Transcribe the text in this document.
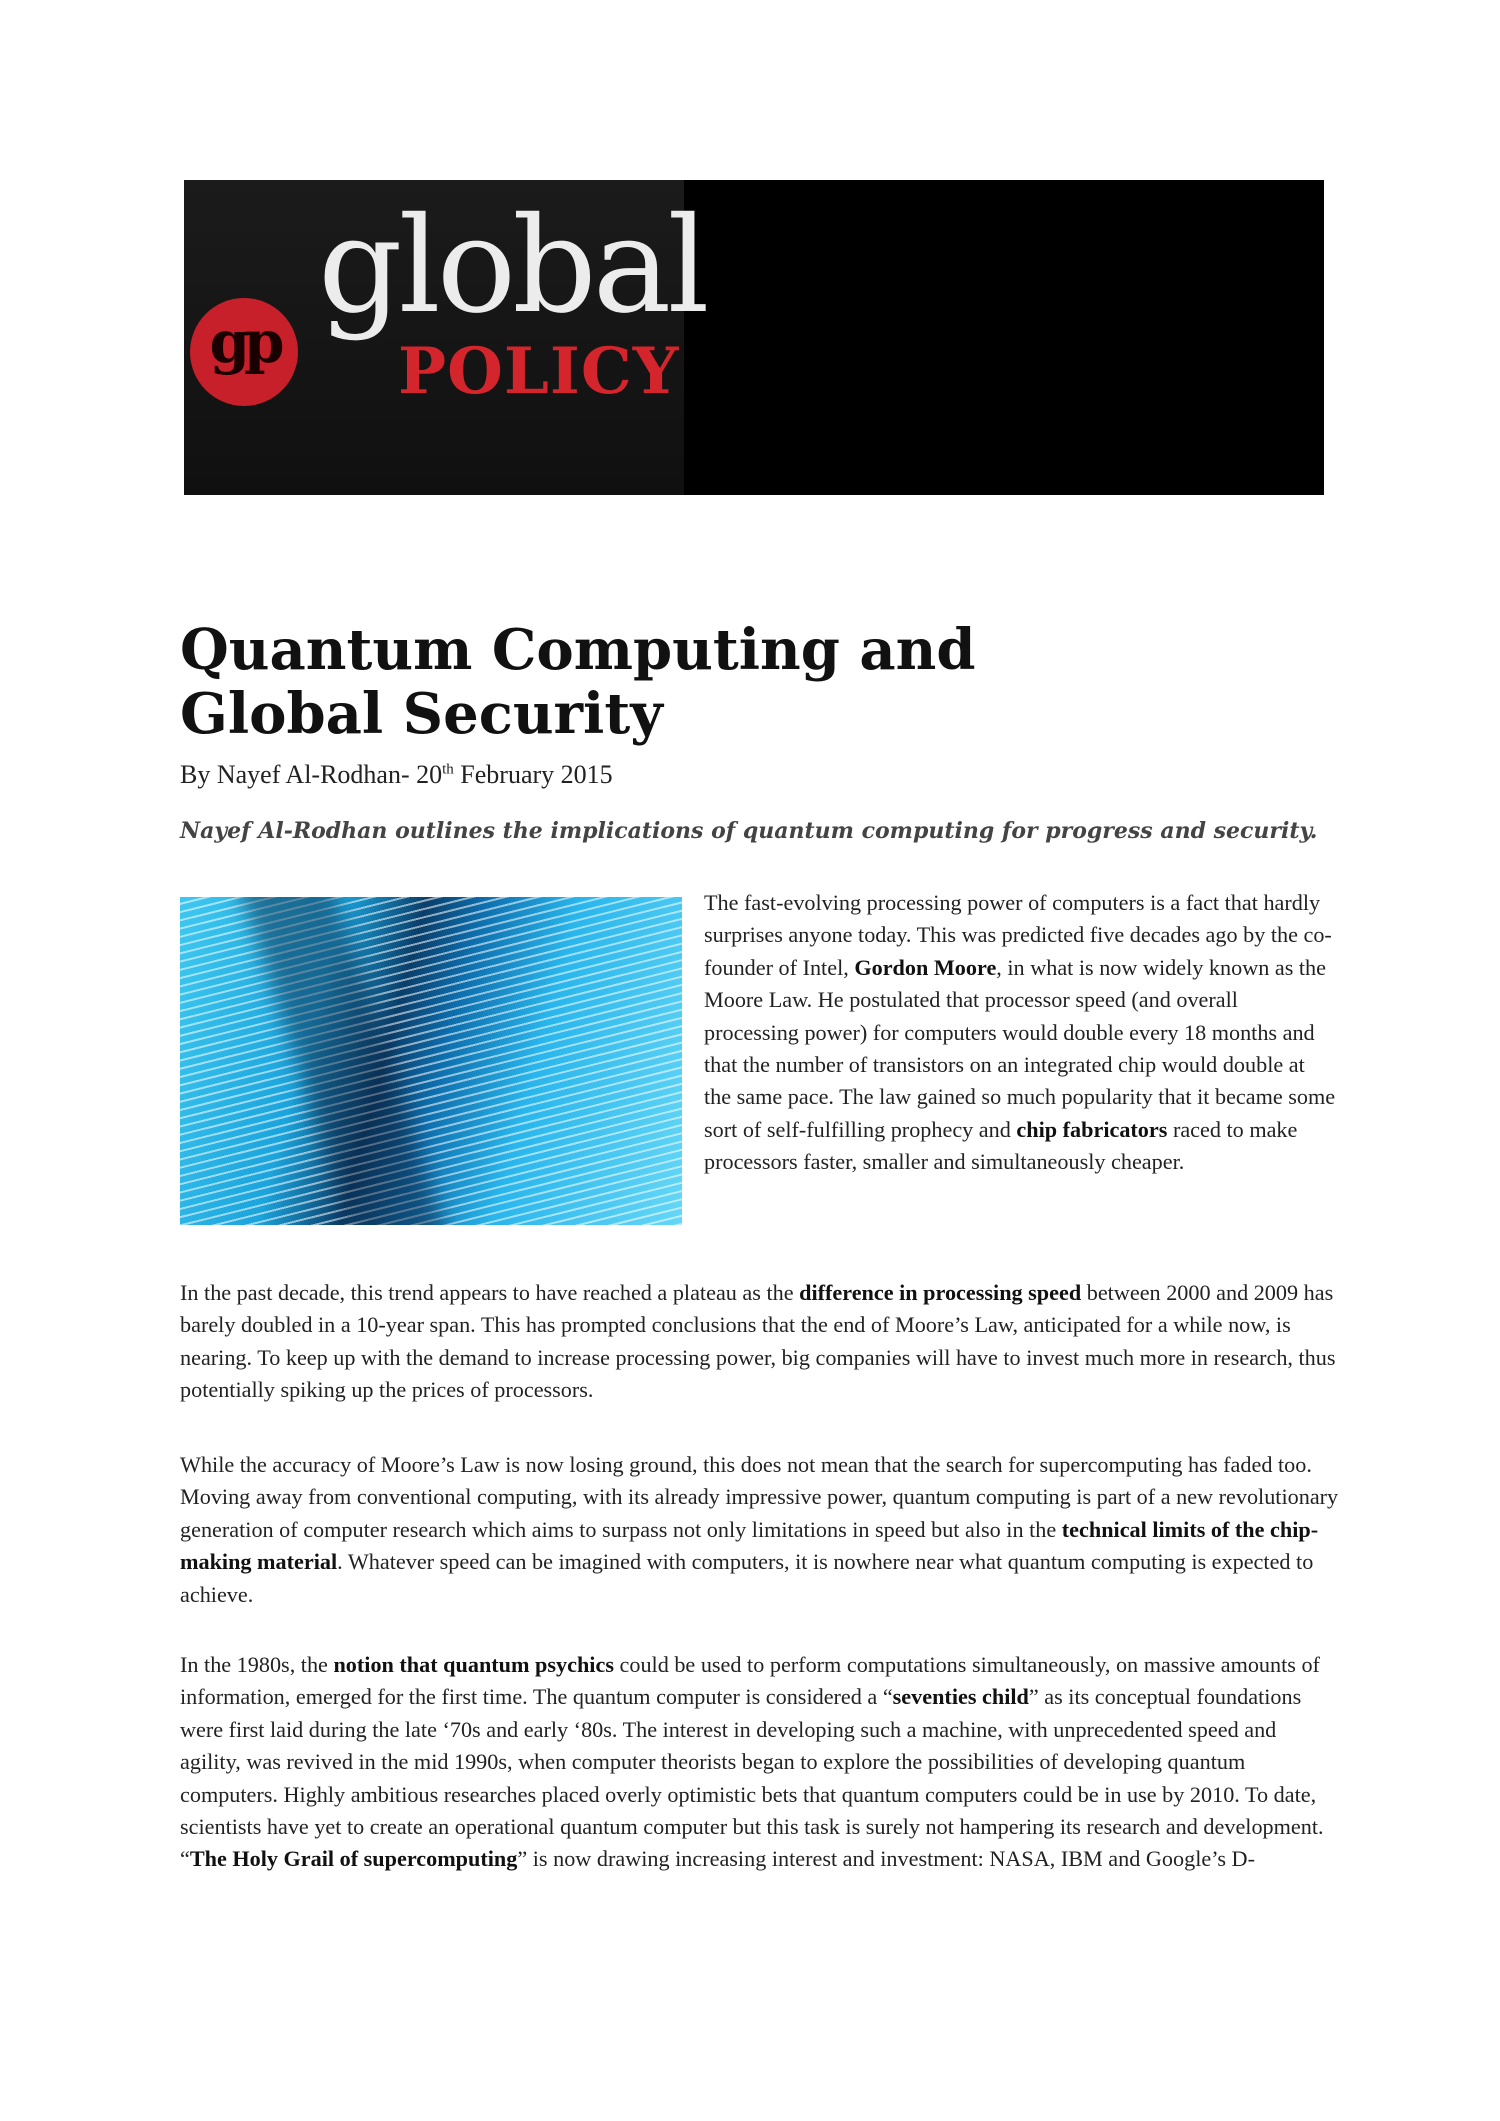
gp global
POLICY
Quantum Computing and Global Security
By Nayef Al-Rodhan- 20th February 2015
Nayef Al-Rodhan outlines the implications of quantum computing for progress and security.

The fast-evolving processing power of computers is a fact that hardly surprises anyone today. This was predicted five decades ago by the co-founder of Intel, Gordon Moore, in what is now widely known as the Moore Law. He postulated that processor speed (and overall processing power) for computers would double every 18 months and that the number of transistors on an integrated chip would double at the same pace. The law gained so much popularity that it became some sort of self-fulfilling prophecy and chip fabricators raced to make processors faster, smaller and simultaneously cheaper.

In the past decade, this trend appears to have reached a plateau as the difference in processing speed between 2000 and 2009 has barely doubled in a 10-year span. This has prompted conclusions that the end of Moore’s Law, anticipated for a while now, is nearing. To keep up with the demand to increase processing power, big companies will have to invest much more in research, thus potentially spiking up the prices of processors.

While the accuracy of Moore’s Law is now losing ground, this does not mean that the search for supercomputing has faded too. Moving away from conventional computing, with its already impressive power, quantum computing is part of a new revolutionary generation of computer research which aims to surpass not only limitations in speed but also in the technical limits of the chip-making material. Whatever speed can be imagined with computers, it is nowhere near what quantum computing is expected to achieve.

In the 1980s, the notion that quantum psychics could be used to perform computations simultaneously, on massive amounts of information, emerged for the first time. The quantum computer is considered a “seventies child” as its conceptual foundations were first laid during the late ‘70s and early ‘80s. The interest in developing such a machine, with unprecedented speed and agility, was revived in the mid 1990s, when computer theorists began to explore the possibilities of developing quantum computers. Highly ambitious researches placed overly optimistic bets that quantum computers could be in use by 2010. To date, scientists have yet to create an operational quantum computer but this task is surely not hampering its research and development. “The Holy Grail of supercomputing” is now drawing increasing interest and investment: NASA, IBM and Google’s D-
